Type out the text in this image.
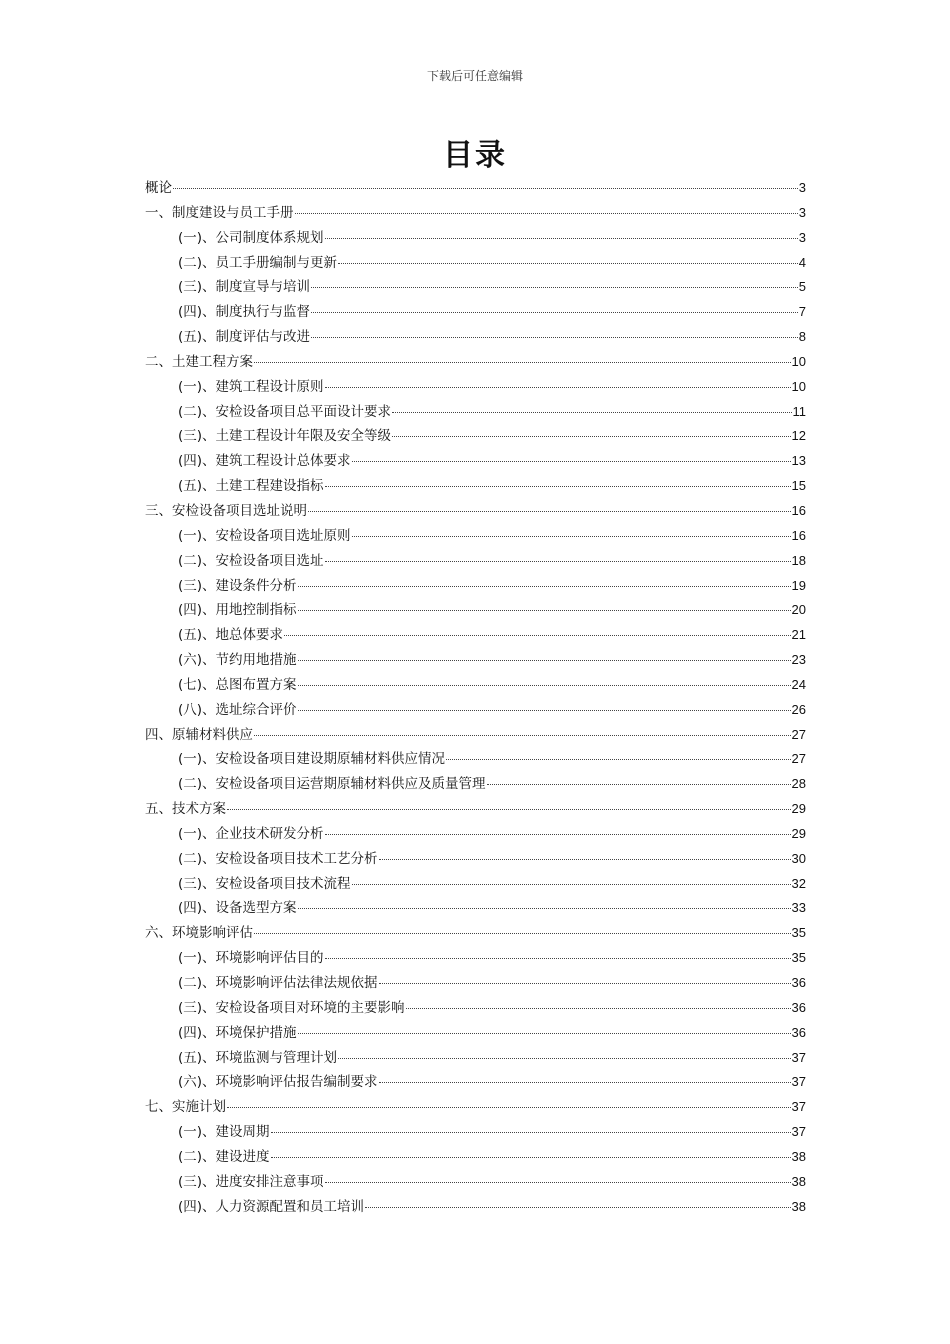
下载后可任意编辑
目录
概论	3
一、制度建设与员工手册	3
(一)、公司制度体系规划	3
(二)、员工手册编制与更新	4
(三)、制度宣导与培训	5
(四)、制度执行与监督	7
(五)、制度评估与改进	8
二、土建工程方案	10
(一)、建筑工程设计原则	10
(二)、安检设备项目总平面设计要求	11
(三)、土建工程设计年限及安全等级	12
(四)、建筑工程设计总体要求	13
(五)、土建工程建设指标	15
三、安检设备项目选址说明	16
(一)、安检设备项目选址原则	16
(二)、安检设备项目选址	18
(三)、建设条件分析	19
(四)、用地控制指标	20
(五)、地总体要求	21
(六)、节约用地措施	23
(七)、总图布置方案	24
(八)、选址综合评价	26
四、原辅材料供应	27
(一)、安检设备项目建设期原辅材料供应情况	27
(二)、安检设备项目运营期原辅材料供应及质量管理	28
五、技术方案	29
(一)、企业技术研发分析	29
(二)、安检设备项目技术工艺分析	30
(三)、安检设备项目技术流程	32
(四)、设备选型方案	33
六、环境影响评估	35
(一)、环境影响评估目的	35
(二)、环境影响评估法律法规依据	36
(三)、安检设备项目对环境的主要影响	36
(四)、环境保护措施	36
(五)、环境监测与管理计划	37
(六)、环境影响评估报告编制要求	37
七、实施计划	37
(一)、建设周期	37
(二)、建设进度	38
(三)、进度安排注意事项	38
(四)、人力资源配置和员工培训	38
